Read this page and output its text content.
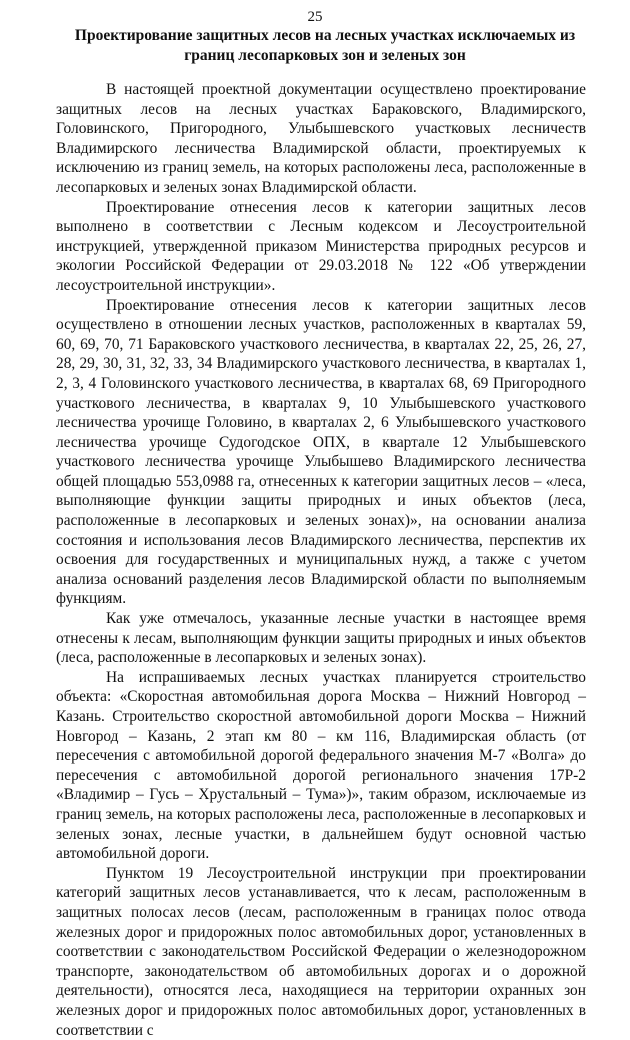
25
Проектирование защитных лесов на лесных участках исключаемых из границ лесопарковых зон и зеленых зон

В настоящей проектной документации осуществлено проектирование защитных лесов на лесных участках Бараковского, Владимирского, Головинского, Пригородного, Улыбышевского участковых лесничеств Владимирского лесничества Владимирской области, проектируемых к исключению из границ земель, на которых расположены леса, расположенные в лесопарковых и зеленых зонах Владимирской области.

Проектирование отнесения лесов к категории защитных лесов выполнено в соответствии с Лесным кодексом и Лесоустроительной инструкцией, утвержденной приказом Министерства природных ресурсов и экологии Российской Федерации от 29.03.2018 № 122 «Об утверждении лесоустроительной инструкции».

Проектирование отнесения лесов к категории защитных лесов осуществлено в отношении лесных участков, расположенных в кварталах 59, 60, 69, 70, 71 Бараковского участкового лесничества, в кварталах 22, 25, 26, 27, 28, 29, 30, 31, 32, 33, 34 Владимирского участкового лесничества, в кварталах 1, 2, 3, 4 Головинского участкового лесничества, в кварталах 68, 69 Пригородного участкового лесничества, в кварталах 9, 10 Улыбышевского участкового лесничества урочище Головино, в кварталах 2, 6 Улыбышевского участкового лесничества урочище Судогодское ОПХ, в квартале 12 Улыбышевского участкового лесничества урочище Улыбышево Владимирского лесничества общей площадью 553,0988 га, отнесенных к категории защитных лесов – «леса, выполняющие функции защиты природных и иных объектов (леса, расположенные в лесопарковых и зеленых зонах)», на основании анализа состояния и использования лесов Владимирского лесничества, перспектив их освоения для государственных и муниципальных нужд, а также с учетом анализа оснований разделения лесов Владимирской области по выполняемым функциям.

Как уже отмечалось, указанные лесные участки в настоящее время отнесены к лесам, выполняющим функции защиты природных и иных объектов (леса, расположенные в лесопарковых и зеленых зонах).

На испрашиваемых лесных участках планируется строительство объекта: «Скоростная автомобильная дорога Москва – Нижний Новгород – Казань. Строительство скоростной автомобильной дороги Москва – Нижний Новгород – Казань, 2 этап км 80 – км 116, Владимирская область (от пересечения с автомобильной дорогой федерального значения М-7 «Волга» до пересечения с автомобильной дорогой регионального значения 17Р-2 «Владимир – Гусь – Хрустальный – Тума»)», таким образом, исключаемые из границ земель, на которых расположены леса, расположенные в лесопарковых и зеленых зонах, лесные участки, в дальнейшем будут основной частью автомобильной дороги.

Пунктом 19 Лесоустроительной инструкции при проектировании категорий защитных лесов устанавливается, что к лесам, расположенным в защитных полосах лесов (лесам, расположенным в границах полос отвода железных дорог и придорожных полос автомобильных дорог, установленных в соответствии с законодательством Российской Федерации о железнодорожном транспорте, законодательством об автомобильных дорогах и о дорожной деятельности), относятся леса, находящиеся на территории охранных зон железных дорог и придорожных полос автомобильных дорог, установленных в соответствии с
